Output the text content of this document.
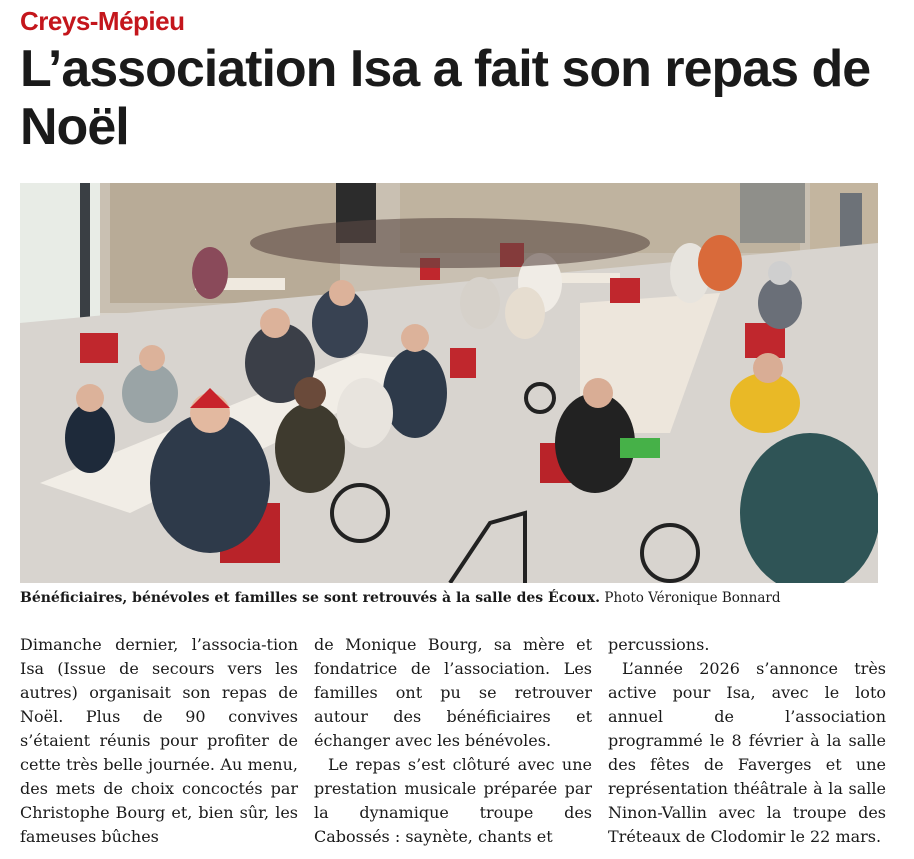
Creys-Mépieu
L’association Isa a fait son repas de Noël
Bénéficiaires, bénévoles et familles se sont retrouvés à la salle des Écoux. Photo Véronique Bonnard

Dimanche dernier, l’associa-tion Isa (Issue de secours vers les autres) organisait son repas de Noël. Plus de 90 convives s’étaient réunis pour profiter de cette très belle journée. Au menu, des mets de choix concoctés par Christophe Bourg et, bien sûr, les fameuses bûches

de Monique Bourg, sa mère et fondatrice de l’association. Les familles ont pu se retrouver autour des bénéficiaires et échanger avec les bénévoles.

Le repas s’est clôturé avec une prestation musicale préparée par la dynamique troupe des Cabossés : saynète, chants et

percussions.

L’année 2026 s’annonce très active pour Isa, avec le loto annuel de l’association programmé le 8 février à la salle des fêtes de Faverges et une représentation théâtrale à la salle Ninon-Vallin avec la troupe des Tréteaux de Clodomir le 22 mars.
